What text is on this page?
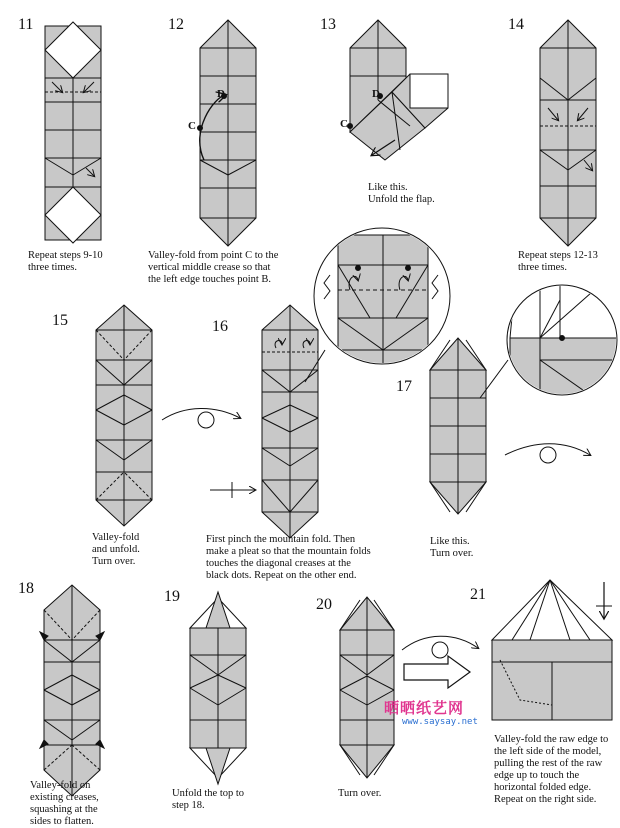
11	12	13	14
15	16
17
18	19	20
21
C
D
C
D
Repeat steps 9-10
three times.
Valley-fold from point C to the
vertical middle crease so that
the left edge touches point B.
Like this.
Unfold the flap.
Repeat steps 12-13
three times.
Valley-fold
and unfold.
Turn over.
First pinch the mountain fold. Then
make a pleat so that the mountain folds
touches the diagonal creases at the
black dots. Repeat on the other end.
Like this.
Turn over.
Valley-fold on
existing creases,
squashing at the
sides to flatten.
Unfold the top to
step 18.
Turn over.
Valley-fold the raw edge to
the left side of the model,
pulling the rest of the raw
edge up to touch the
horizontal folded edge.
Repeat on the right side.
晒晒纸艺网
www.saysay.net
